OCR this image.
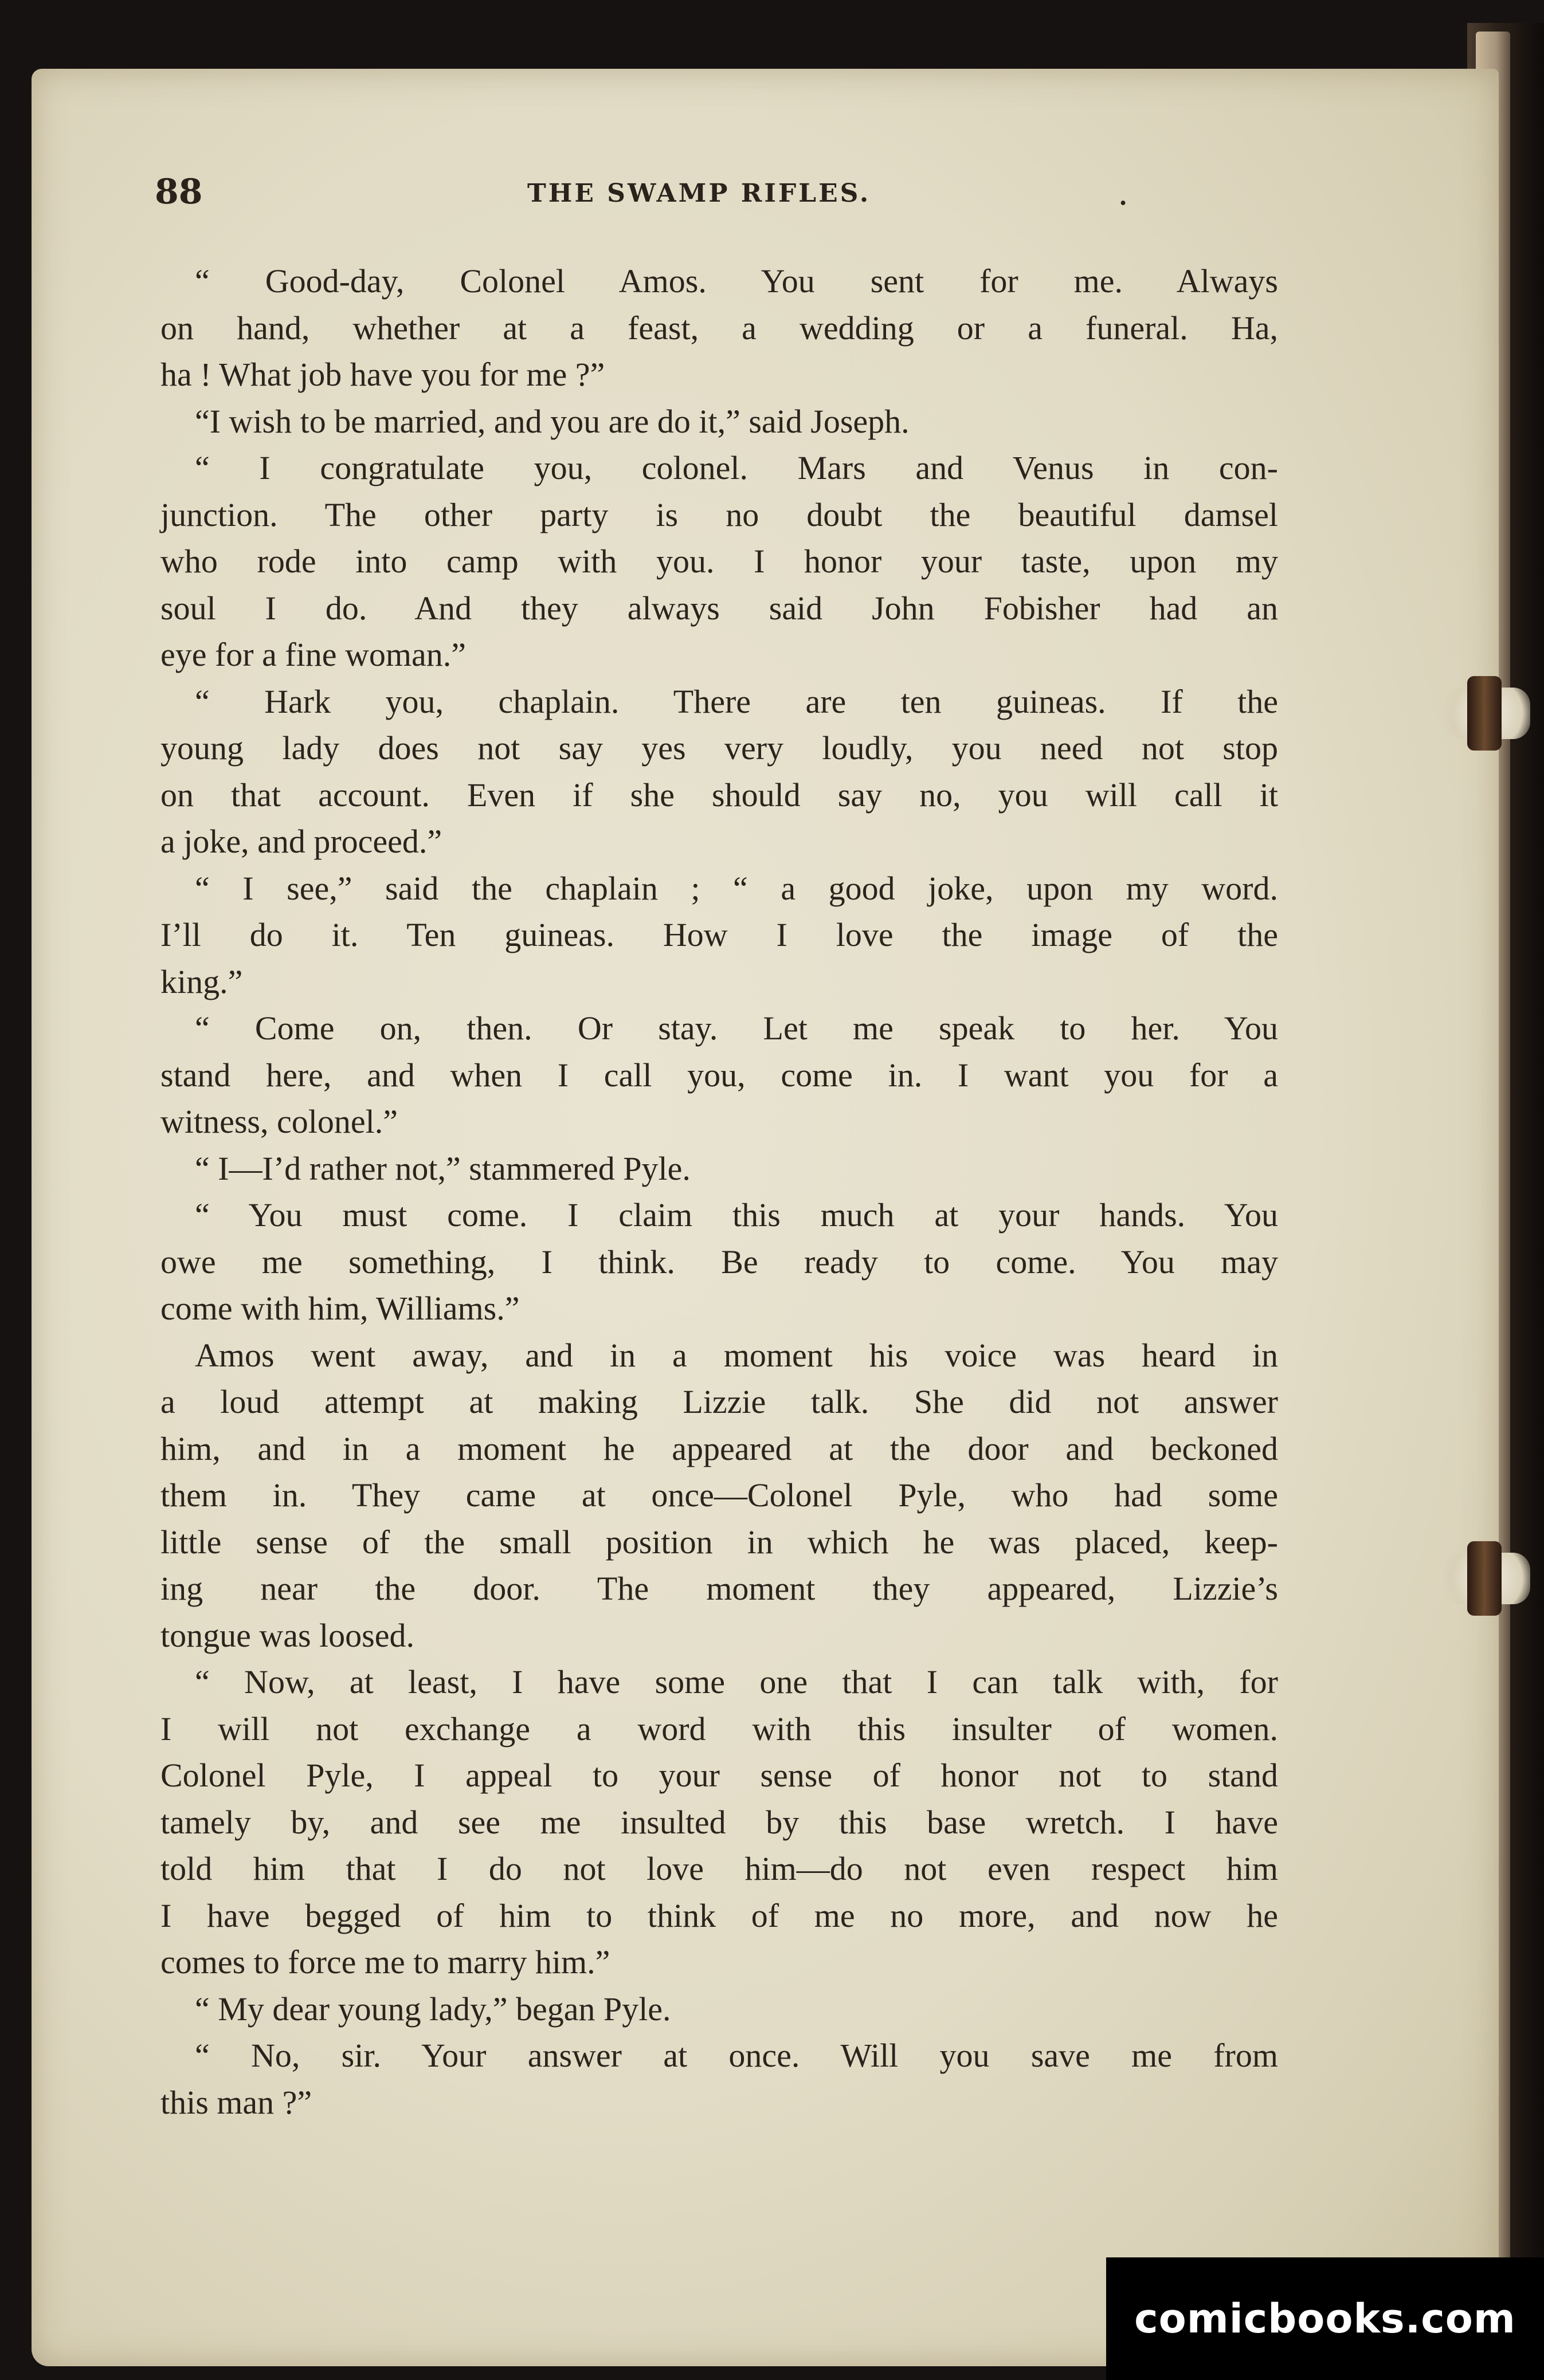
88	THE SWAMP RIFLES.	.
“ Good-day, Colonel Amos. You sent for me. Always
on hand, whether at a feast, a wedding or a funeral. Ha,
ha ! What job have you for me ?”
“I wish to be married, and you are do it,” said Joseph.
“ I congratulate you, colonel. Mars and Venus in con-
junction. The other party is no doubt the beautiful damsel
who rode into camp with you. I honor your taste, upon my
soul I do. And they always said John Fobisher had an
eye for a fine woman.”
“ Hark you, chaplain. There are ten guineas. If the
young lady does not say yes very loudly, you need not stop
on that account. Even if she should say no, you will call it
a joke, and proceed.”
“ I see,” said the chaplain ; “ a good joke, upon my word.
I’ll do it. Ten guineas. How I love the image of the
king.”
“ Come on, then. Or stay. Let me speak to her. You
stand here, and when I call you, come in. I want you for a
witness, colonel.”
“ I—I’d rather not,” stammered Pyle.
“ You must come. I claim this much at your hands. You
owe me something, I think. Be ready to come. You may
come with him, Williams.”
Amos went away, and in a moment his voice was heard in
a loud attempt at making Lizzie talk. She did not answer
him, and in a moment he appeared at the door and beckoned
them in. They came at once—Colonel Pyle, who had some
little sense of the small position in which he was placed, keep-
ing near the door. The moment they appeared, Lizzie’s
tongue was loosed.
“ Now, at least, I have some one that I can talk with, for
I will not exchange a word with this insulter of women.
Colonel Pyle, I appeal to your sense of honor not to stand
tamely by, and see me insulted by this base wretch. I have
told him that I do not love him—do not even respect him
I have begged of him to think of me no more, and now he
comes to force me to marry him.”
“ My dear young lady,” began Pyle.
“ No, sir. Your answer at once. Will you save me from
this man ?”
comicbooks.com
